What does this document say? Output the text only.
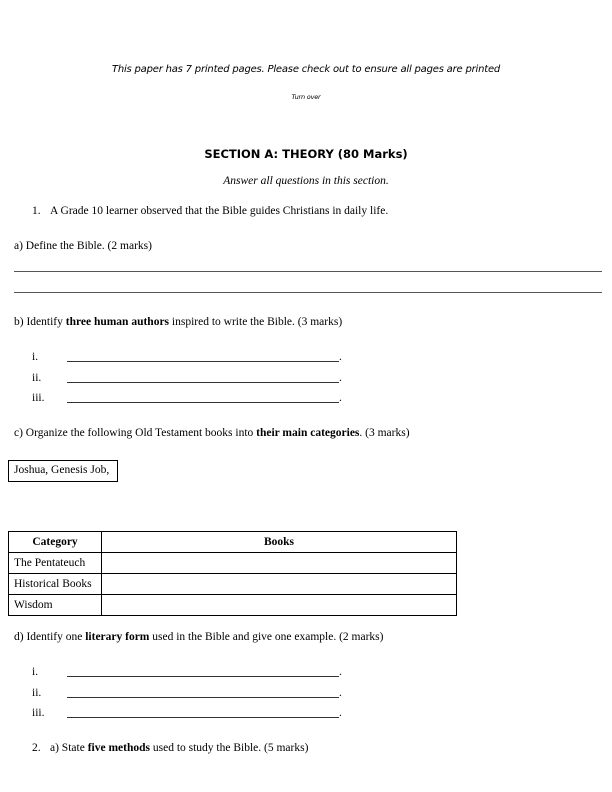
This paper has 7 printed pages. Please check out to ensure all pages are printed
Turn over
SECTION A: THEORY (80 Marks)
Answer all questions in this section.
1. A Grade 10 learner observed that the Bible guides Christians in daily life.
a) Define the Bible. (2 marks)
b) Identify three human authors inspired to write the Bible. (3 marks)
i.	.
ii.	.
iii.	.
c) Organize the following Old Testament books into their main categories. (3 marks)
Joshua, Genesis Job,
Category	Books
The Pentateuch	
Historical Books	
Wisdom	
d) Identify one literary form used in the Bible and give one example. (2 marks)
i.	.
ii.	.
iii.	.
2. a) State five methods used to study the Bible. (5 marks)
